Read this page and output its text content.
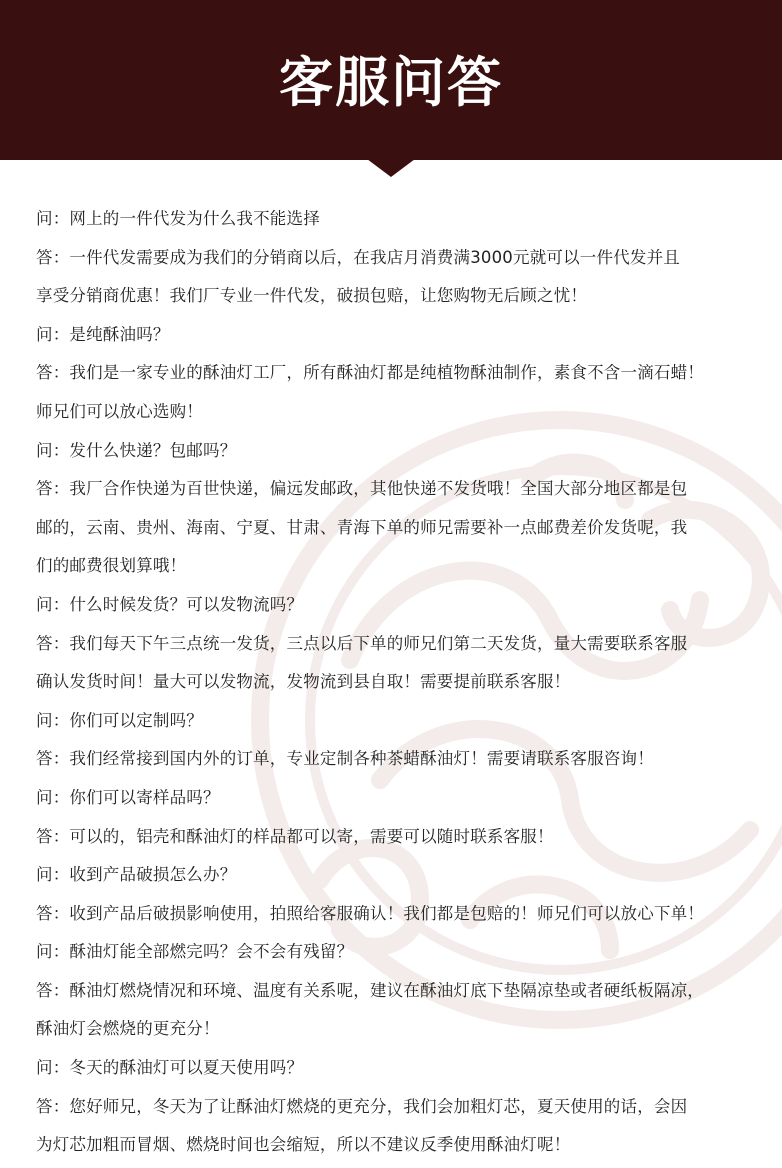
客服问答
问：网上的一件代发为什么我不能选择
答：一件代发需要成为我们的分销商以后，在我店月消费满3000元就可以一件代发并且
享受分销商优惠！我们厂专业一件代发，破损包赔，让您购物无后顾之忧！
问：是纯酥油吗？
答：我们是一家专业的酥油灯工厂，所有酥油灯都是纯植物酥油制作，素食不含一滴石蜡！
师兄们可以放心选购！
问：发什么快递？包邮吗？
答：我厂合作快递为百世快递，偏远发邮政，其他快递不发货哦！全国大部分地区都是包
邮的，云南、贵州、海南、宁夏、甘肃、青海下单的师兄需要补一点邮费差价发货呢，我
们的邮费很划算哦！
问：什么时候发货？可以发物流吗？
答：我们每天下午三点统一发货，三点以后下单的师兄们第二天发货，量大需要联系客服
确认发货时间！量大可以发物流，发物流到县自取！需要提前联系客服！
问：你们可以定制吗？
答：我们经常接到国内外的订单，专业定制各种茶蜡酥油灯！需要请联系客服咨询！
问：你们可以寄样品吗？
答：可以的，铝壳和酥油灯的样品都可以寄，需要可以随时联系客服！
问：收到产品破损怎么办？
答：收到产品后破损影响使用，拍照给客服确认！我们都是包赔的！师兄们可以放心下单！
问：酥油灯能全部燃完吗？会不会有残留？
答：酥油灯燃烧情况和环境、温度有关系呢，建议在酥油灯底下垫隔凉垫或者硬纸板隔凉，
酥油灯会燃烧的更充分！
问：冬天的酥油灯可以夏天使用吗？
答：您好师兄，冬天为了让酥油灯燃烧的更充分，我们会加粗灯芯，夏天使用的话，会因
为灯芯加粗而冒烟、燃烧时间也会缩短，所以不建议反季使用酥油灯呢！
